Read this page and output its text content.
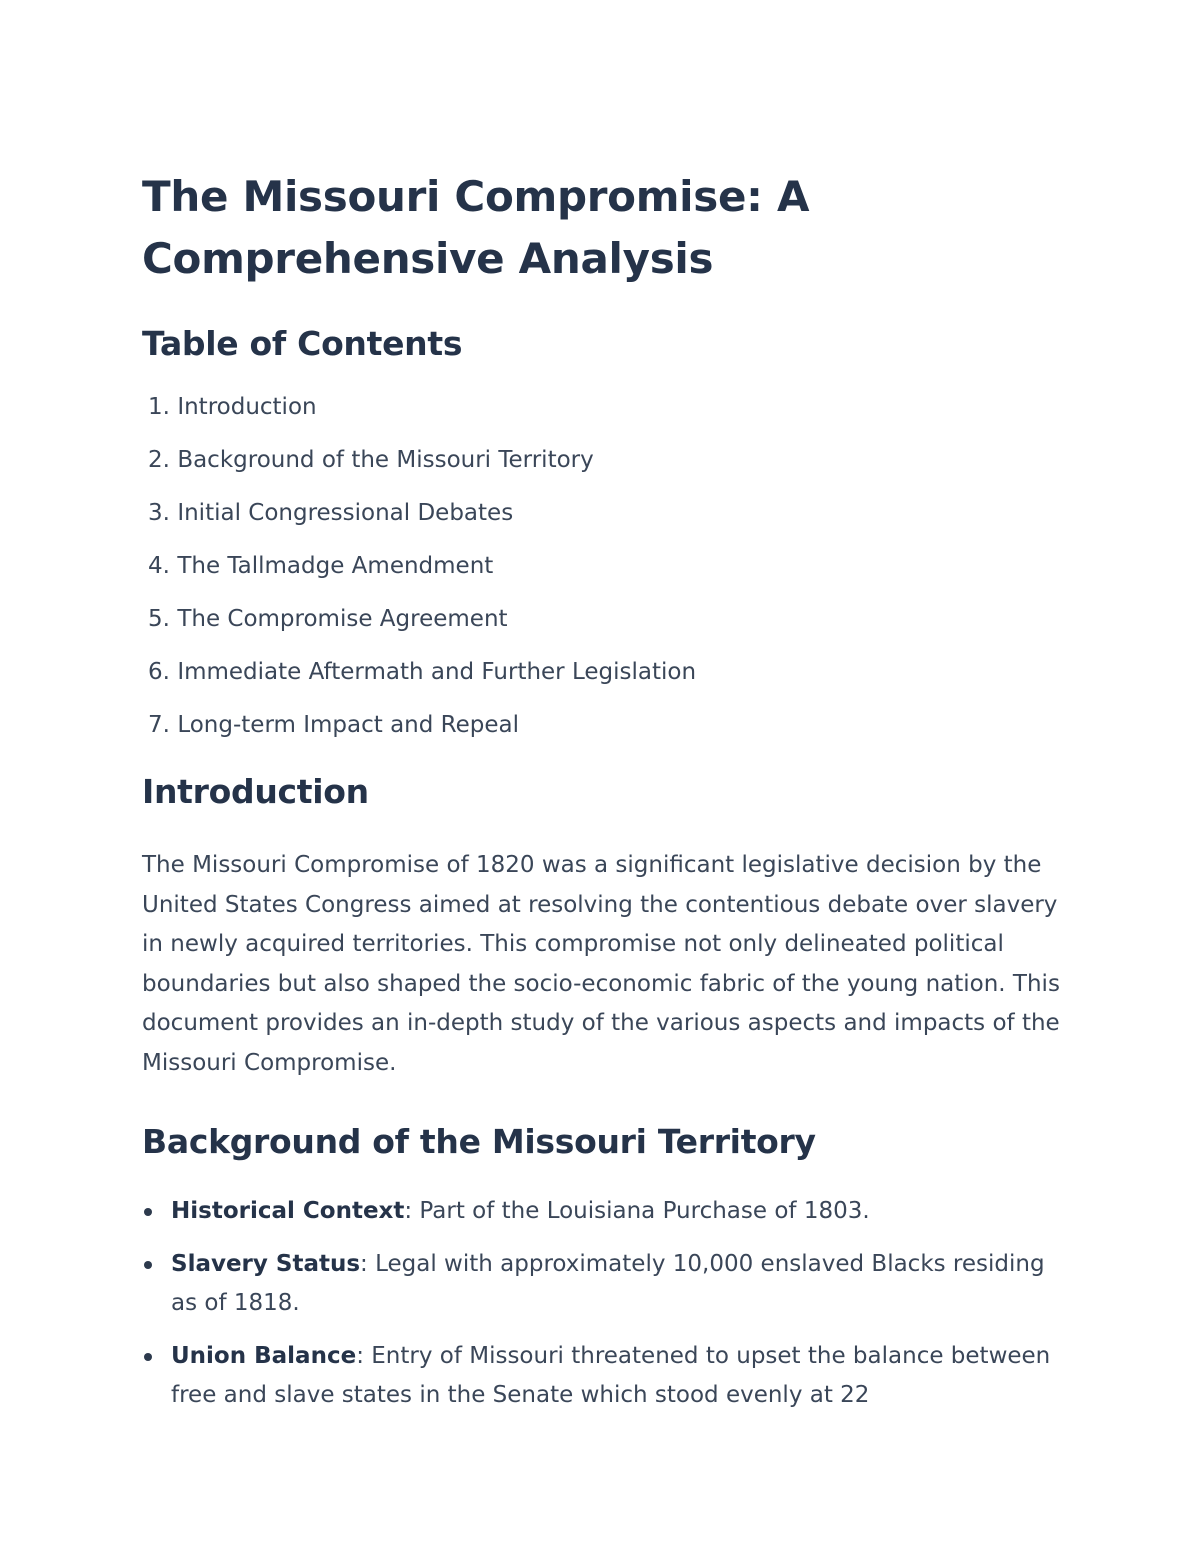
The Missouri Compromise: A Comprehensive Analysis
Table of Contents
1. Introduction
2. Background of the Missouri Territory
3. Initial Congressional Debates
4. The Tallmadge Amendment
5. The Compromise Agreement
6. Immediate Aftermath and Further Legislation
7. Long-term Impact and Repeal
Introduction

The Missouri Compromise of 1820 was a significant legislative decision by the United States Congress aimed at resolving the contentious debate over slavery in newly acquired territories. This compromise not only delineated political boundaries but also shaped the socio-economic fabric of the young nation. This document provides an in-depth study of the various aspects and impacts of the Missouri Compromise.

Background of the Missouri Territory
Historical Context: Part of the Louisiana Purchase of 1803.
Slavery Status: Legal with approximately 10,000 enslaved Blacks residing as of 1818.
Union Balance: Entry of Missouri threatened to upset the balance between free and slave states in the Senate which stood evenly at 22
